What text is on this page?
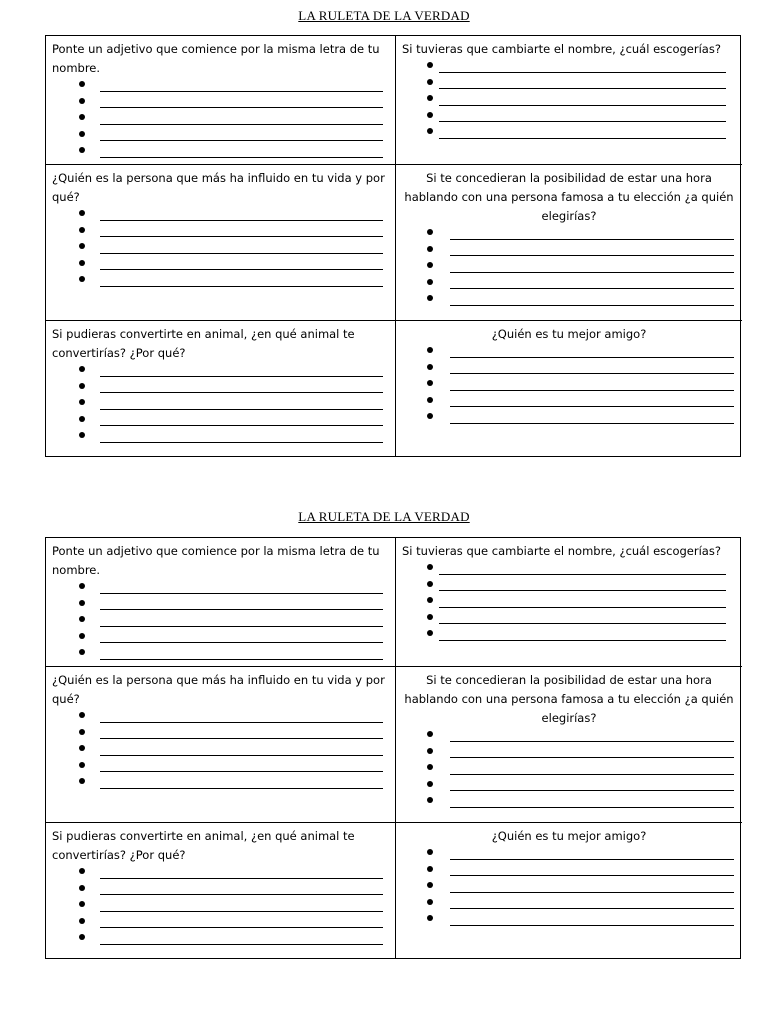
LA RULETA DE LA VERDAD

Ponte un adjetivo que comience por la misma letra de tu nombre.

Si tuvieras que cambiarte el nombre, ¿cuál escogerías?

¿Quién es la persona que más ha influido en tu vida y por qué?

Si te concedieran la posibilidad de estar una hora hablando con una persona famosa a tu elección ¿a quién elegirías?

Si pudieras convertirte en animal, ¿en qué animal te convertirías? ¿Por qué?

¿Quién es tu mejor amigo?

LA RULETA DE LA VERDAD

Ponte un adjetivo que comience por la misma letra de tu nombre.

Si tuvieras que cambiarte el nombre, ¿cuál escogerías?

¿Quién es la persona que más ha influido en tu vida y por qué?

Si te concedieran la posibilidad de estar una hora hablando con una persona famosa a tu elección ¿a quién elegirías?

Si pudieras convertirte en animal, ¿en qué animal te convertirías? ¿Por qué?

¿Quién es tu mejor amigo?
